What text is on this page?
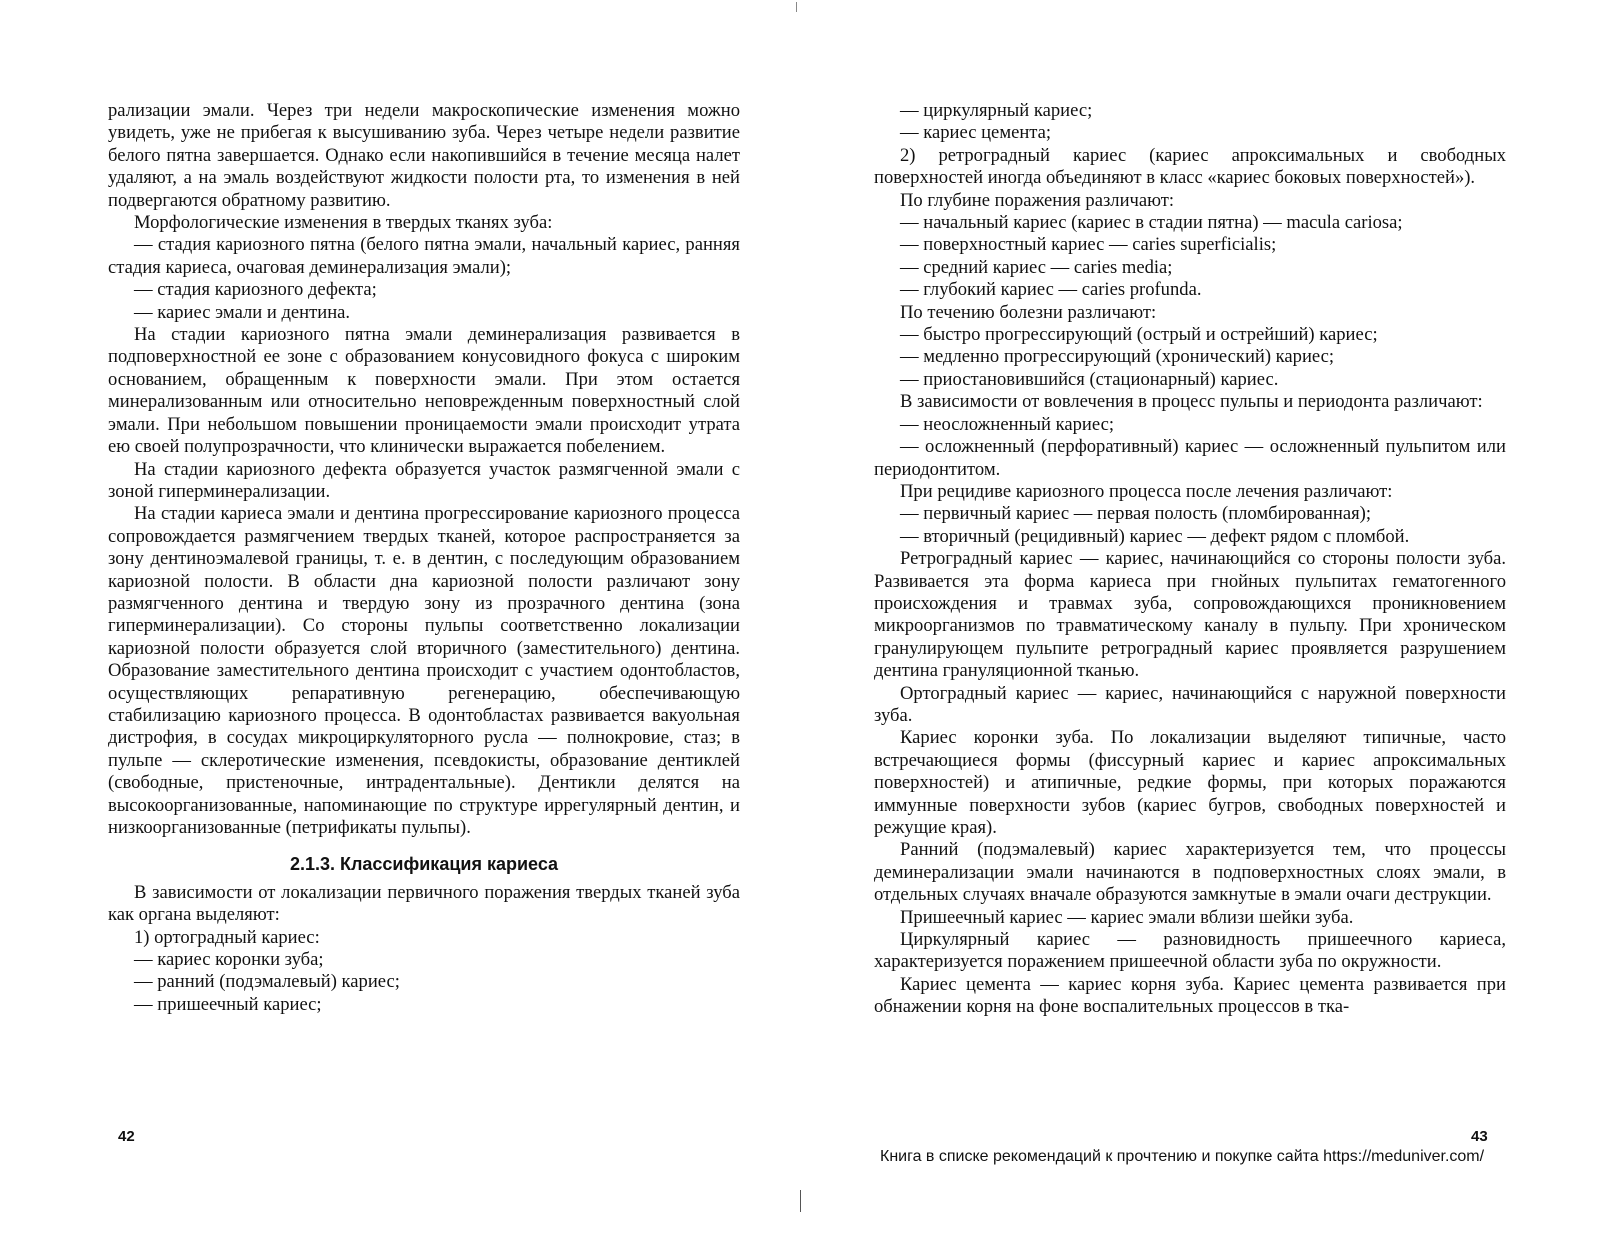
рализации эмали. Через три недели макроскопические изменения можно увидеть, уже не прибегая к высушиванию зуба. Через четыре недели развитие белого пятна завершается. Однако если накопившийся в течение месяца налет удаляют, а на эмаль воздействуют жидкости полости рта, то изменения в ней подвергаются обратному развитию.

Морфологические изменения в твердых тканях зуба:

— стадия кариозного пятна (белого пятна эмали, начальный кариес, ранняя стадия кариеса, очаговая деминерализация эмали);

— стадия кариозного дефекта;

— кариес эмали и дентина.

На стадии кариозного пятна эмали деминерализация развивается в подповерхностной ее зоне с образованием конусовидного фокуса с широким основанием, обращенным к поверхности эмали. При этом остается минерализованным или относительно неповрежденным поверхностный слой эмали. При небольшом повышении проницаемости эмали происходит утрата ею своей полупрозрачности, что клинически выражается побелением.

На стадии кариозного дефекта образуется участок размягченной эмали с зоной гиперминерализации.

На стадии кариеса эмали и дентина прогрессирование кариозного процесса сопровождается размягчением твердых тканей, которое распространяется за зону дентиноэмалевой границы, т. е. в дентин, с последующим образованием кариозной полости. В области дна кариозной полости различают зону размягченного дентина и твердую зону из прозрачного дентина (зона гиперминерализации). Со стороны пульпы соответственно локализации кариозной полости образуется слой вторичного (заместительного) дентина. Образование заместительного дентина происходит с участием одонтобластов, осуществляющих репаративную регенерацию, обеспечивающую стабилизацию кариозного процесса. В одонтобластах развивается вакуольная дистрофия, в сосудах микроциркуляторного русла — полнокровие, стаз; в пульпе — склеротические изменения, псевдокисты, образование дентиклей (свободные, пристеночные, интрадентальные). Дентикли делятся на высокоорганизованные, напоминающие по структуре иррегулярный дентин, и низкоорганизованные (петрификаты пульпы).

2.1.3. Классификация кариеса

В зависимости от локализации первичного поражения твердых тканей зуба как органа выделяют:

1) ортоградный кариес:

— кариес коронки зуба;

— ранний (подэмалевый) кариес;

— пришеечный кариес;

— циркулярный кариес;

— кариес цемента;

2) ретроградный кариес (кариес апроксимальных и свободных поверхностей иногда объединяют в класс «кариес боковых поверхностей»).

По глубине поражения различают:

— начальный кариес (кариес в стадии пятна) — macula cariosa;

— поверхностный кариес — caries superficialis;

— средний кариес — caries media;

— глубокий кариес — caries profunda.

По течению болезни различают:

— быстро прогрессирующий (острый и острейший) кариес;

— медленно прогрессирующий (хронический) кариес;

— приостановившийся (стационарный) кариес.

В зависимости от вовлечения в процесс пульпы и периодонта различают:

— неосложненный кариес;

— осложненный (перфоративный) кариес — осложненный пульпитом или периодонтитом.

При рецидиве кариозного процесса после лечения различают:

— первичный кариес — первая полость (пломбированная);

— вторичный (рецидивный) кариес — дефект рядом с пломбой.

Ретроградный кариес — кариес, начинающийся со стороны полости зуба. Развивается эта форма кариеса при гнойных пульпитах гематогенного происхождения и травмах зуба, сопровождающихся проникновением микроорганизмов по травматическому каналу в пульпу. При хроническом гранулирующем пульпите ретроградный кариес проявляется разрушением дентина грануляционной тканью.

Ортоградный кариес — кариес, начинающийся с наружной поверхности зуба.

Кариес коронки зуба. По локализации выделяют типичные, часто встречающиеся формы (фиссурный кариес и кариес апроксимальных поверхностей) и атипичные, редкие формы, при которых поражаются иммунные поверхности зубов (кариес бугров, свободных поверхностей и режущие края).

Ранний (подэмалевый) кариес характеризуется тем, что процессы деминерализации эмали начинаются в подповерхностных слоях эмали, в отдельных случаях вначале образуются замкнутые в эмали очаги деструкции.

Пришеечный кариес — кариес эмали вблизи шейки зуба.

Циркулярный кариес — разновидность пришеечного кариеса, характеризуется поражением пришеечной области зуба по окружности.

Кариес цемента — кариес корня зуба. Кариес цемента развивается при обнажении корня на фоне воспалительных процессов в тка-

42	43
Книга в списке рекомендаций к прочтению и покупке сайта https://meduniver.com/
